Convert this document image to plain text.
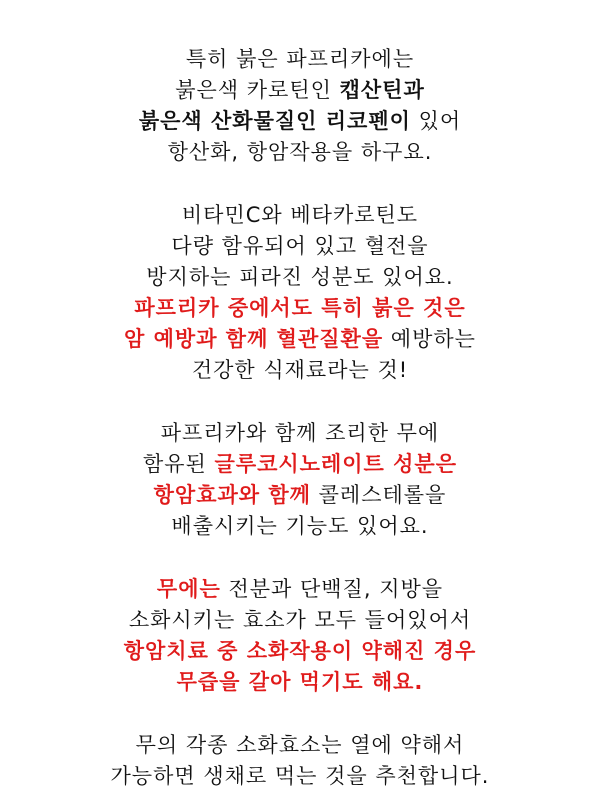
특히 붉은 파프리카에는
붉은색 카로틴인 캡산틴과
붉은색 산화물질인 리코펜이 있어
항산화, 항암작용을 하구요.
비타민C와 베타카로틴도
다량 함유되어 있고 혈전을
방지하는 피라진 성분도 있어요.
파프리카 중에서도 특히 붉은 것은
암 예방과 함께 혈관질환을 예방하는
건강한 식재료라는 것!
파프리카와 함께 조리한 무에
함유된 글루코시노레이트 성분은
항암효과와 함께 콜레스테롤을
배출시키는 기능도 있어요.
무에는 전분과 단백질, 지방을
소화시키는 효소가 모두 들어있어서
항암치료 중 소화작용이 약해진 경우
무즙을 갈아 먹기도 해요.
무의 각종 소화효소는 열에 약해서
가능하면 생채로 먹는 것을 추천합니다.
